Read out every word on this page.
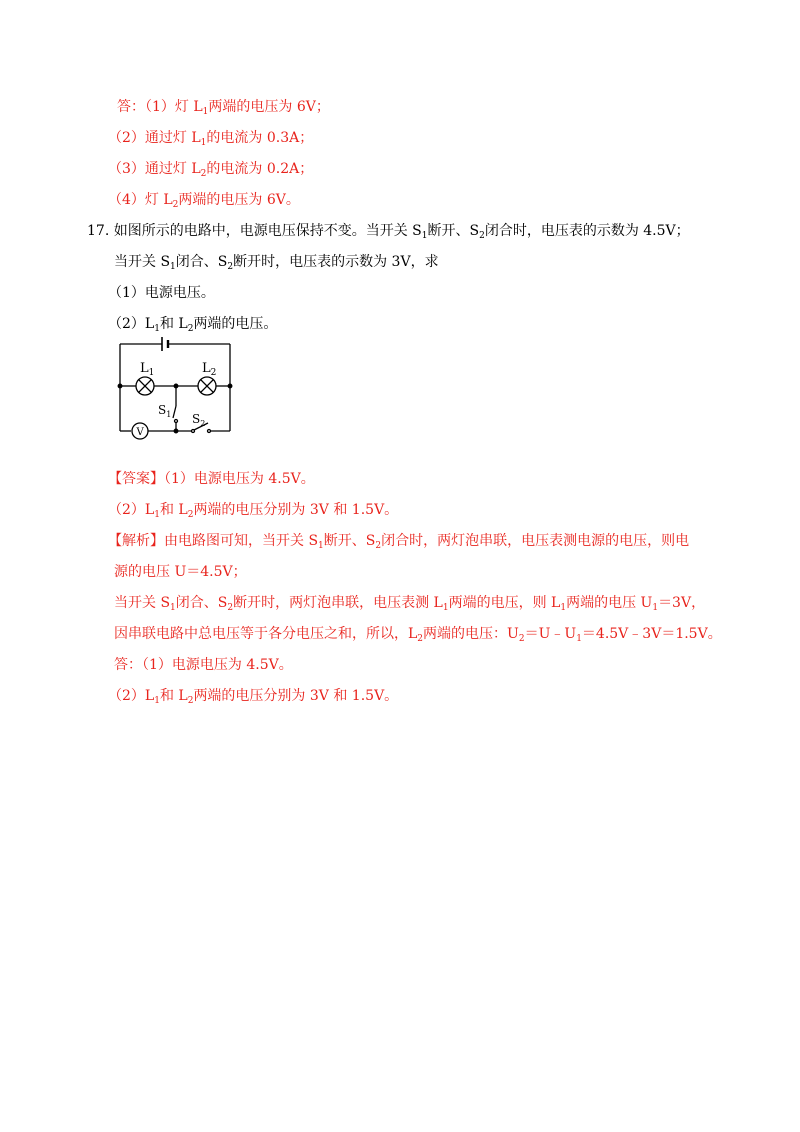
答：（1）灯 $L_1$两端的电压为 6V；
（2）通过灯 $L_1$的电流为 0.3A；
（3）通过灯 $L_2$的电流为 0.2A；
（4）灯 $L_2$两端的电压为 6V。
17. 如图所示的电路中，电源电压保持不变。当开关 $S_1$断开、$S_2$闭合时，电压表的示数为 4.5V；
当开关 $S_1$闭合、$S_2$断开时，电压表的示数为 3V，求
（1）电源电压。
$(2)L_1$和 $L_2$两端的电压。
$L_1$	$L_2$
$S_1$ $S_2$
V
【答案】（1）电源电压为 4.5V。
$(2)L_1$和 $L_2$两端的电压分别为 3V 和 1.5V。
【解析】由电路图可知，当开关 $S_1$断开、$S_2$闭合时，两灯泡串联，电压表测电源的电压，则电
源的电压 U＝4.5V；
当开关 $S_1$闭合、$S_2$断开时，两灯泡串联，电压表测 $L_1$两端的电压，则 $L_1$两端的电压 $U_1=3V$，
因串联电路中总电压等于各分电压之和，所以，$L_2$两端的电压：$U_2=U﹣U_1=4.5V﹣3V=1.5V$。
答：（1）电源电压为 4.5V。
$(2)L_1$和 $L_2$两端的电压分别为 3V 和 1.5V。
